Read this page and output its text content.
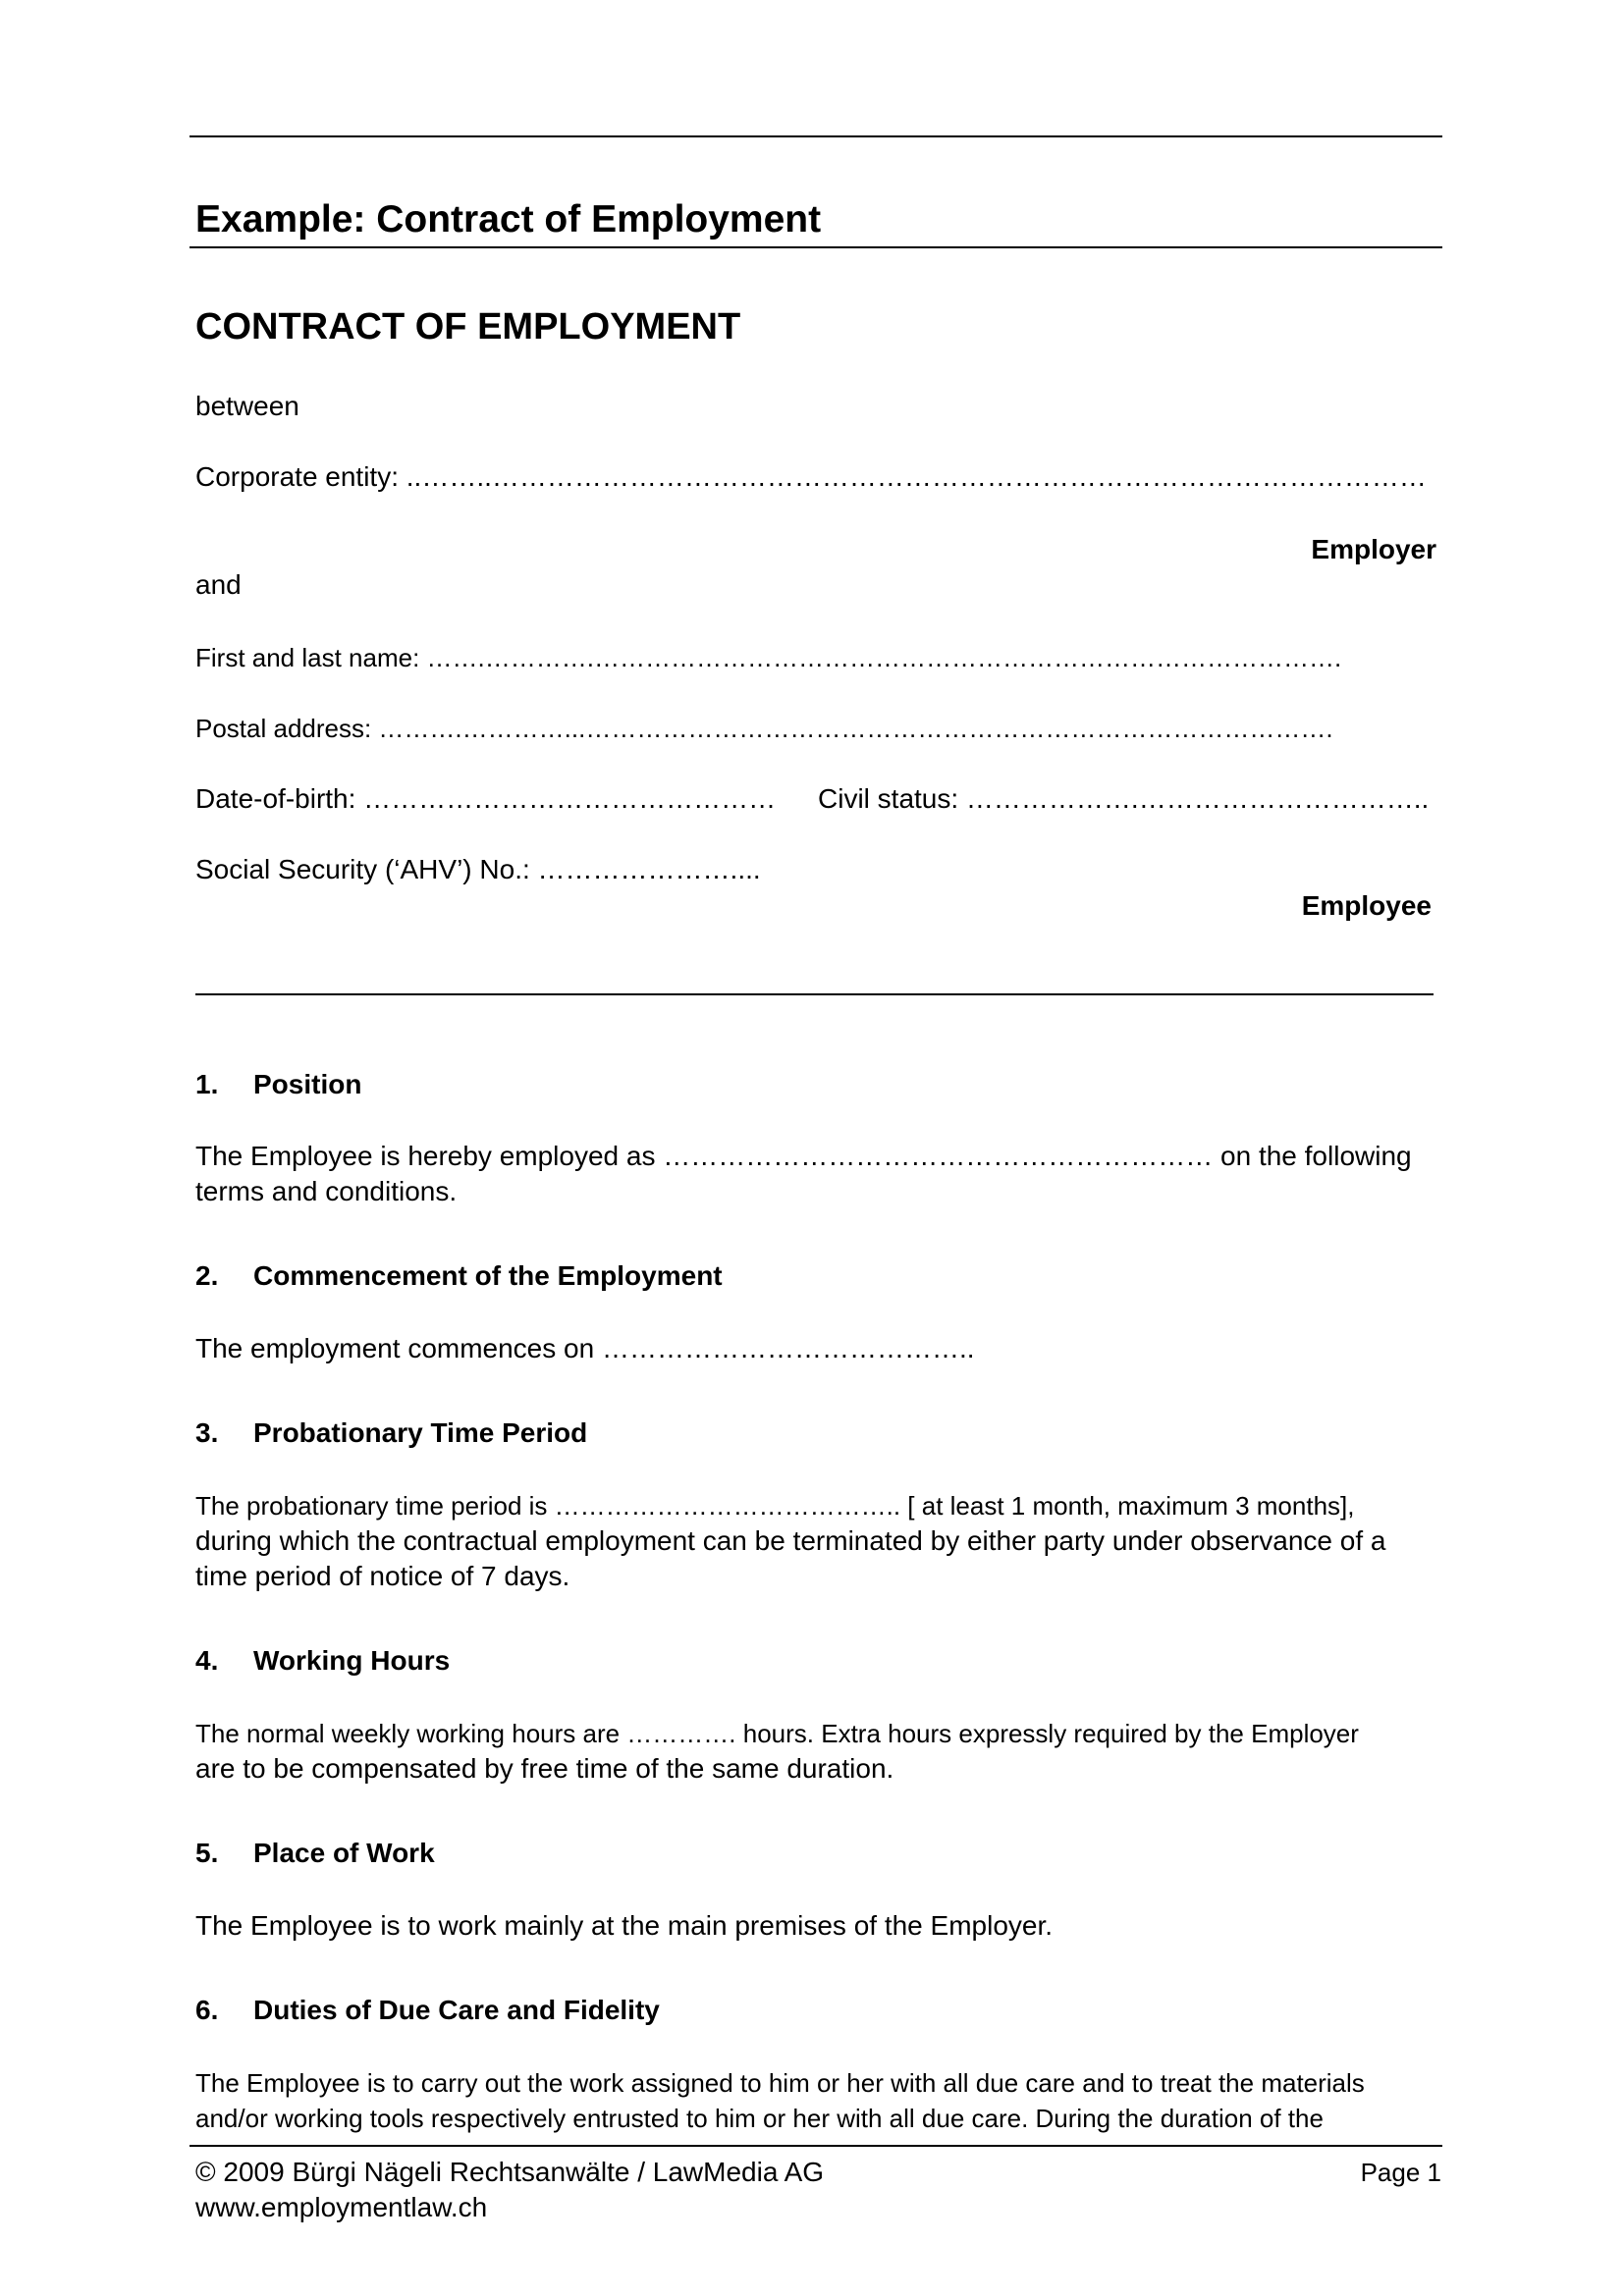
Example: Contract of Employment
CONTRACT OF EMPLOYMENT
between
Corporate entity: ..……..…………………………………………………………………………………………
Employer
and
First and last name: …….………….…………………………………………………………………………….
Postal address: ……….…………...…………………………………………………………………………….
Date-of-birth: ……………………………………… Civil status: ……………….…………………………..
Social Security (‘AHV’) No.: …………………....
Employee
1. Position
The Employee is hereby employed as …………………………………………………… on the following
terms and conditions.
2. Commencement of the Employment
The employment commences on …………………………………..
3. Probationary Time Period
The probationary time period is ………………………………….. [ at least 1 month, maximum 3 months],
during which the contractual employment can be terminated by either party under observance of a
time period of notice of 7 days.
4. Working Hours
The normal weekly working hours are …………. hours. Extra hours expressly required by the Employer
are to be compensated by free time of the same duration.
5. Place of Work
The Employee is to work mainly at the main premises of the Employer.
6. Duties of Due Care and Fidelity
The Employee is to carry out the work assigned to him or her with all due care and to treat the materials
and/or working tools respectively entrusted to him or her with all due care. During the duration of the
© 2009 Bürgi Nägeli Rechtsanwälte / LawMedia AG
www.employmentlaw.ch
Page 1
